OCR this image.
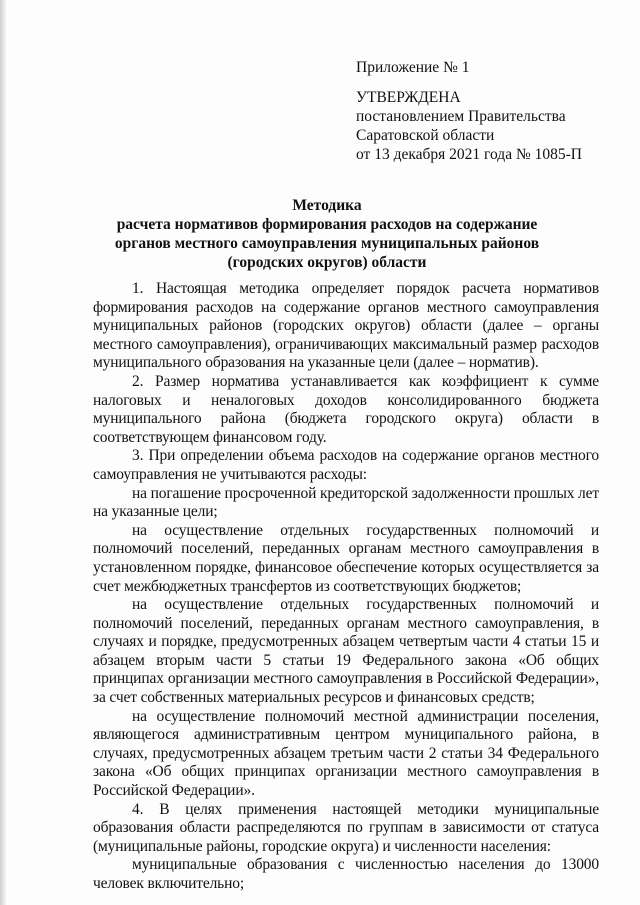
Приложение № 1
УТВЕРЖДЕНА
постановлением Правительства
Саратовской области
от 13 декабря 2021 года № 1085-П
Методика
расчета нормативов формирования расходов на содержание
органов местного самоуправления муниципальных районов
(городских округов) области

1. Настоящая методика определяет порядок расчета нормативов формирования расходов на содержание органов местного самоуправления муниципальных районов (городских округов) области (далее – органы местного самоуправления), ограничивающих максимальный размер расходов муниципального образования на указанные цели (далее – норматив).

2. Размер норматива устанавливается как коэффициент к сумме налоговых и неналоговых доходов консолидированного бюджета муниципального района (бюджета городского округа) области в соответствующем финансовом году.

3. При определении объема расходов на содержание органов местного самоуправления не учитываются расходы:

на погашение просроченной кредиторской задолженности прошлых лет на указанные цели;

на осуществление отдельных государственных полномочий и полномочий поселений, переданных органам местного самоуправления в установленном порядке, финансовое обеспечение которых осуществляется за счет межбюджетных трансфертов из соответствующих бюджетов;

на осуществление отдельных государственных полномочий и полномочий поселений, переданных органам местного самоуправления, в случаях и порядке, предусмотренных абзацем четвертым части 4 статьи 15 и абзацем вторым части 5 статьи 19 Федерального закона «Об общих принципах организации местного самоуправления в Российской Федерации», за счет собственных материальных ресурсов и финансовых средств;

на осуществление полномочий местной администрации поселения, являющегося административным центром муниципального района, в случаях, предусмотренных абзацем третьим части 2 статьи 34 Федерального закона «Об общих принципах организации местного самоуправления в Российской Федерации».

4. В целях применения настоящей методики муниципальные образования области распределяются по группам в зависимости от статуса (муниципальные районы, городские округа) и численности населения:

муниципальные образования с численностью населения до 13000 человек включительно;
